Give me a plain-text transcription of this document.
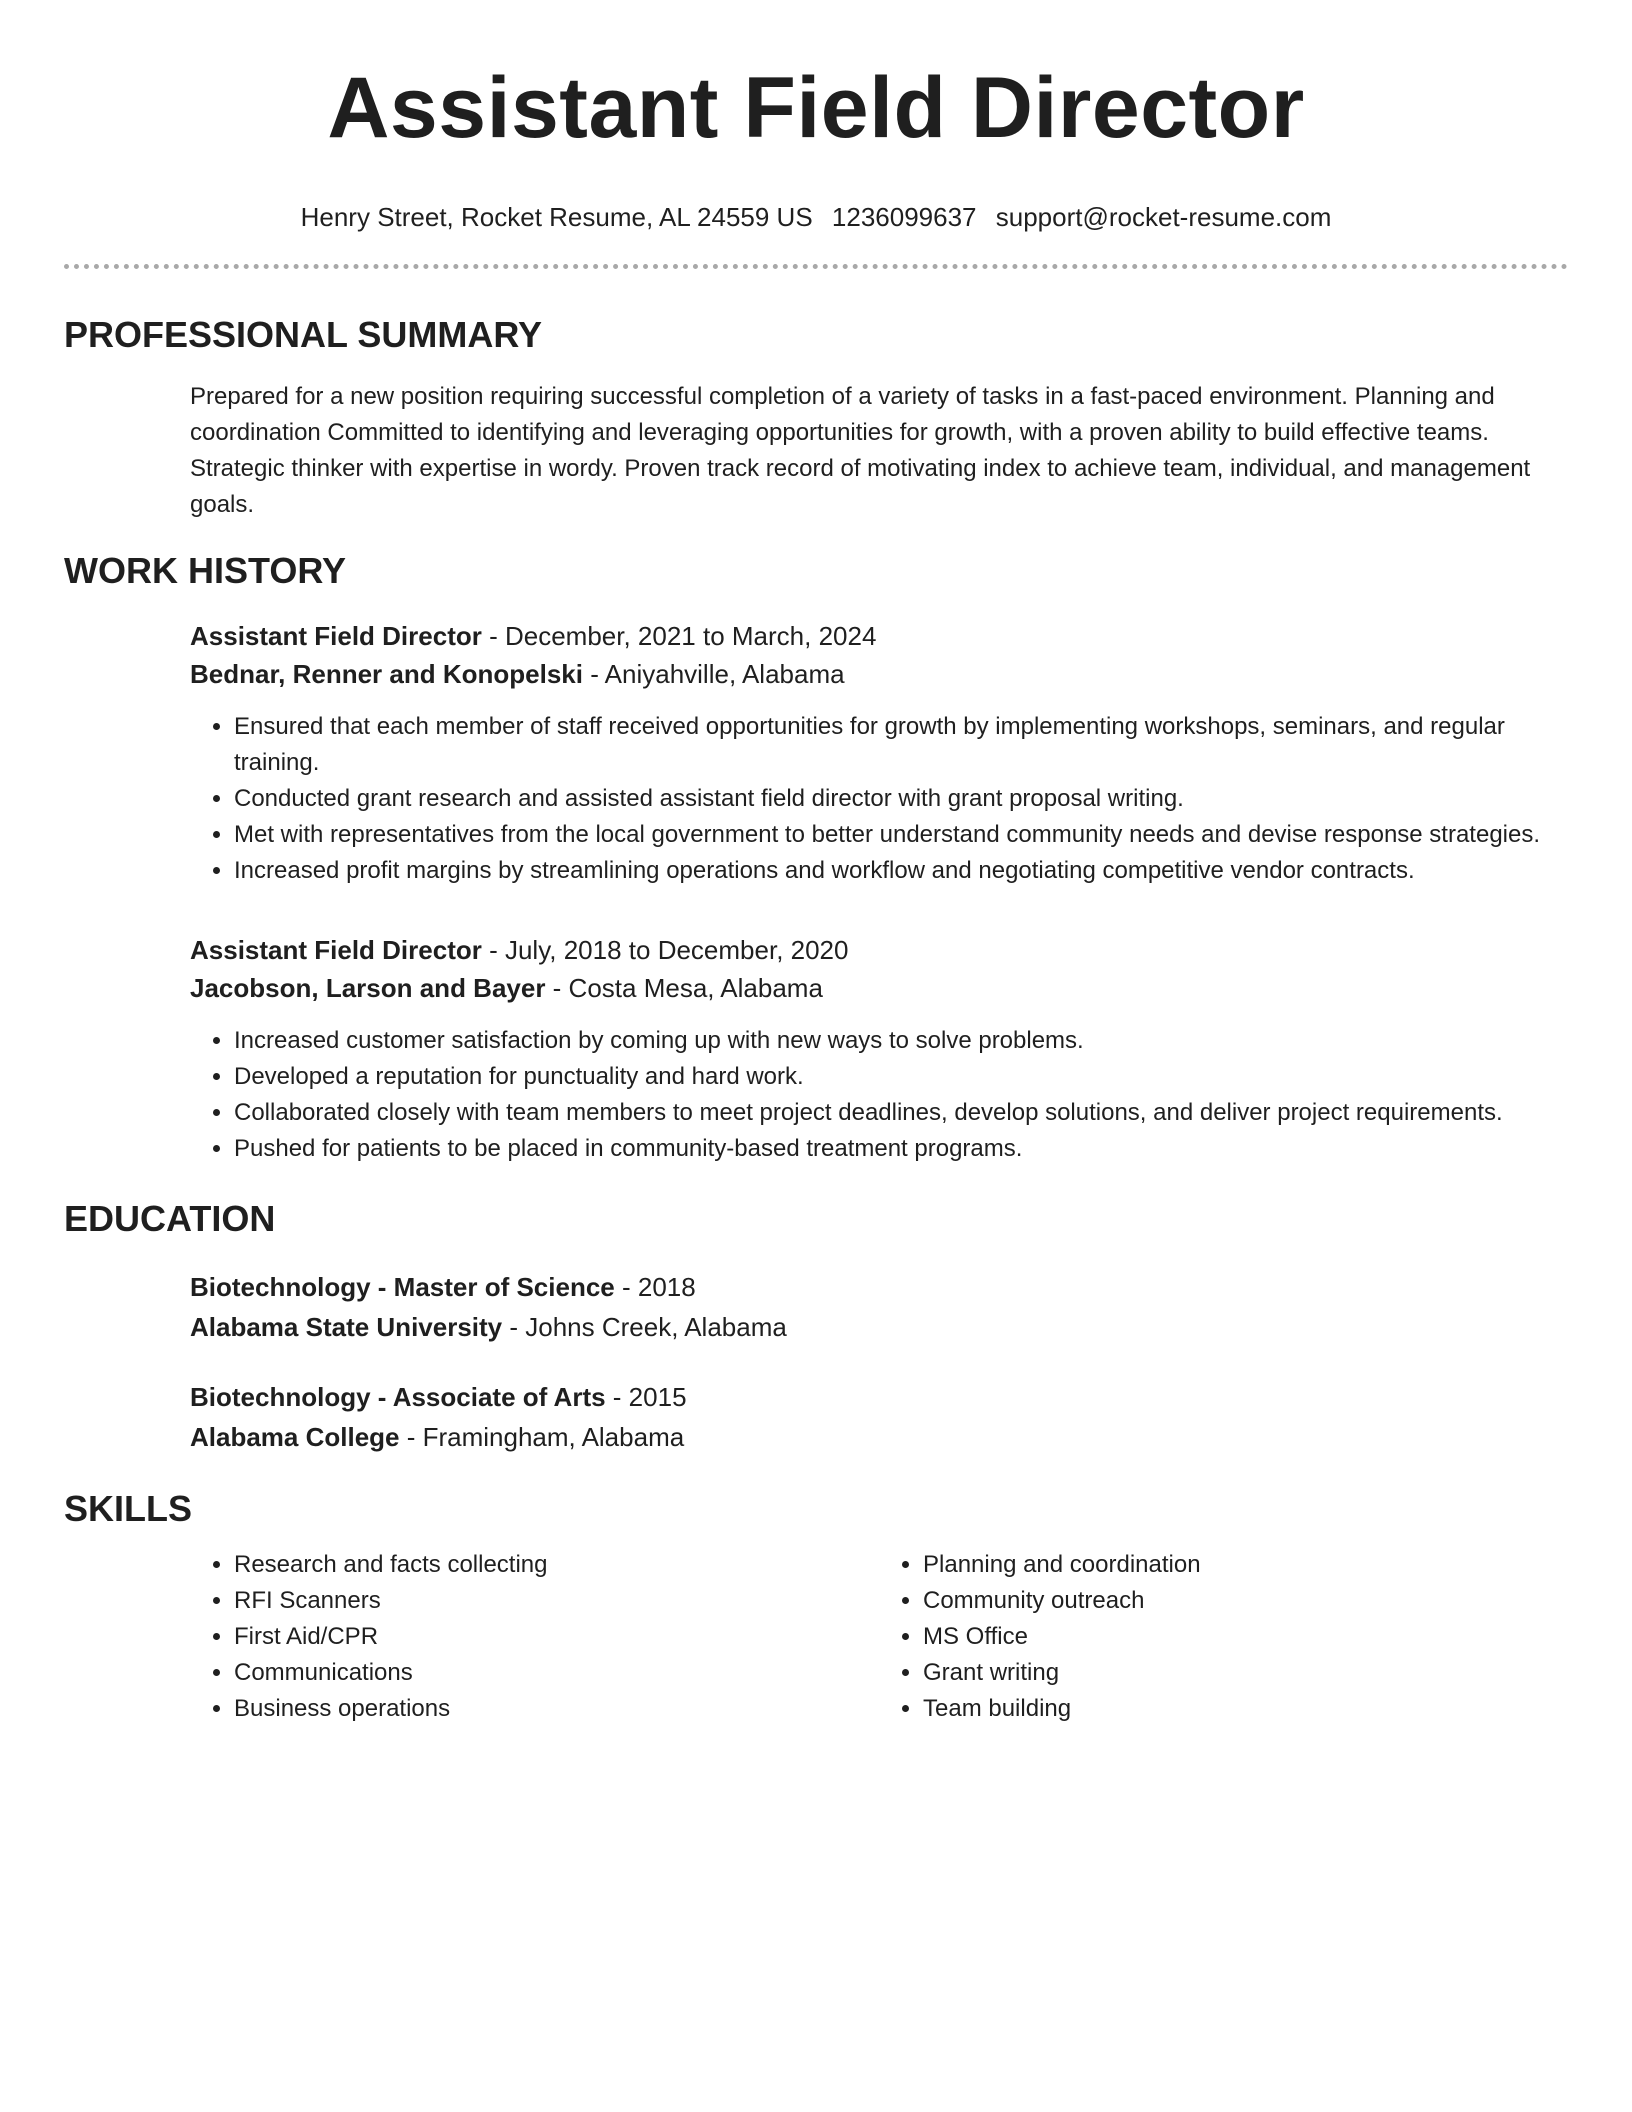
Assistant Field Director
Henry Street, Rocket Resume, AL 24559 US 1236099637 support@rocket-resume.com
PROFESSIONAL SUMMARY

Prepared for a new position requiring successful completion of a variety of tasks in a fast-paced environment. Planning and coordination Committed to identifying and leveraging opportunities for growth, with a proven ability to build effective teams. Strategic thinker with expertise in wordy. Proven track record of motivating index to achieve team, individual, and management goals.

WORK HISTORY
Assistant Field Director - December, 2021 to March, 2024
Bednar, Renner and Konopelski - Aniyahville, Alabama
• Ensured that each member of staff received opportunities for growth by implementing workshops, seminars, and regular training.
• Conducted grant research and assisted assistant field director with grant proposal writing.
• Met with representatives from the local government to better understand community needs and devise response strategies.
• Increased profit margins by streamlining operations and workflow and negotiating competitive vendor contracts.
Assistant Field Director - July, 2018 to December, 2020
Jacobson, Larson and Bayer - Costa Mesa, Alabama
• Increased customer satisfaction by coming up with new ways to solve problems.
• Developed a reputation for punctuality and hard work.
• Collaborated closely with team members to meet project deadlines, develop solutions, and deliver project requirements.
• Pushed for patients to be placed in community-based treatment programs.
EDUCATION
Biotechnology - Master of Science - 2018
Alabama State University - Johns Creek, Alabama
Biotechnology - Associate of Arts - 2015
Alabama College - Framingham, Alabama
SKILLS
• Research and facts collecting
• RFI Scanners
• First Aid/CPR
• Communications
• Business operations
• Planning and coordination
• Community outreach
• MS Office
• Grant writing
• Team building
